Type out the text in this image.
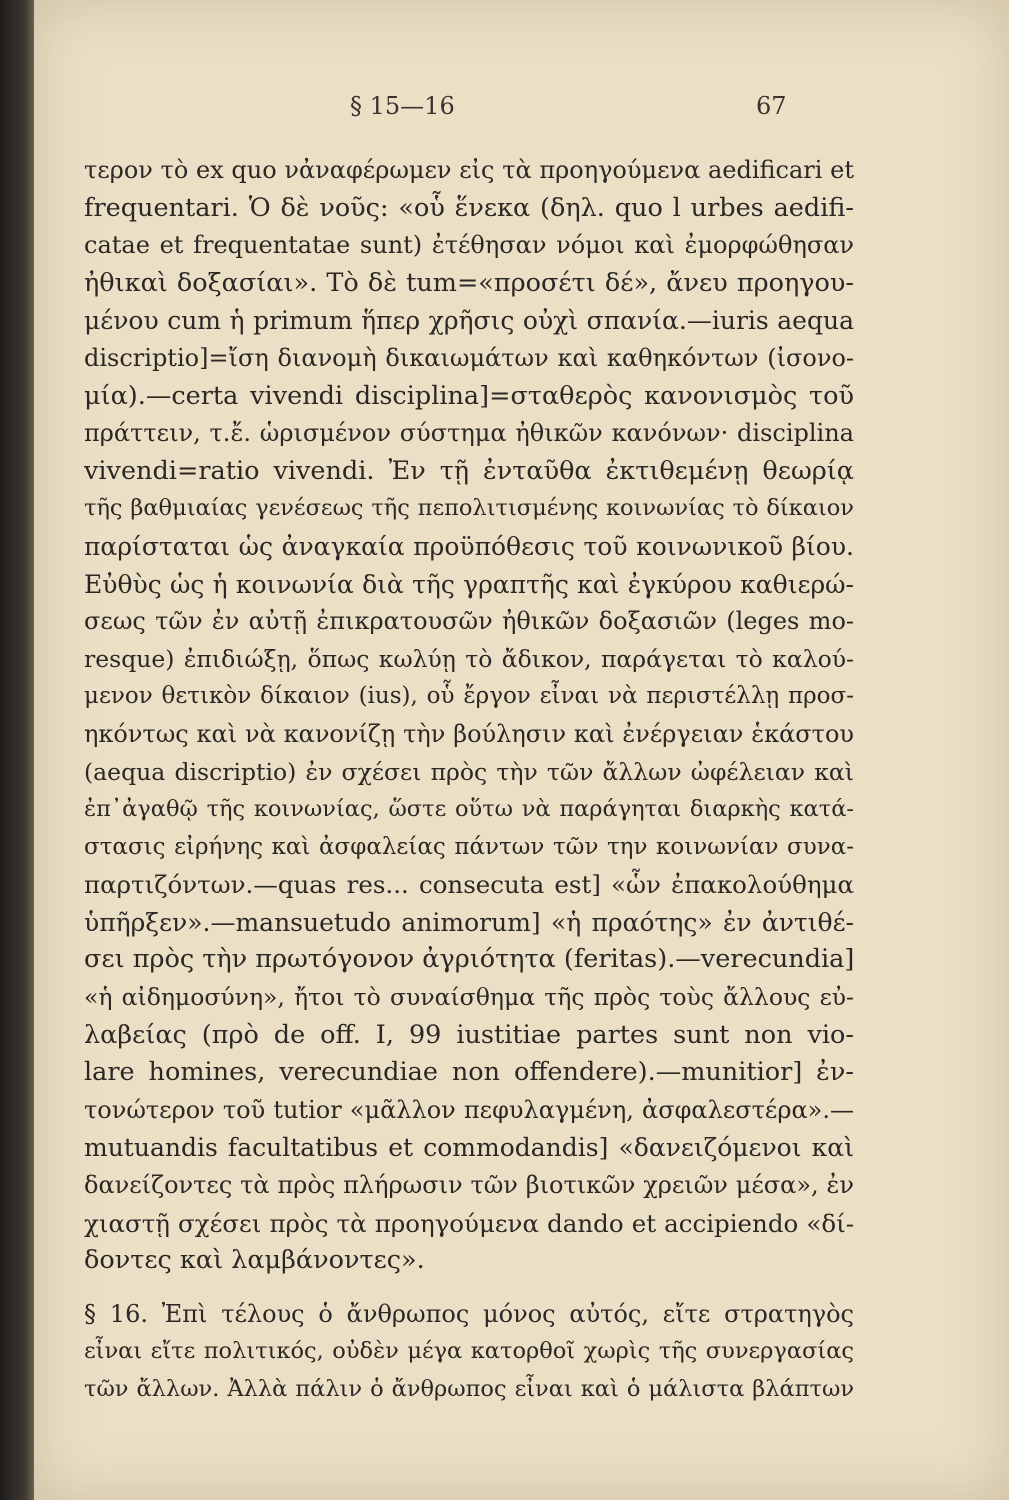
§ 15—16	67
τερον τὸ ex quo νἀναφέρωμεν εἰς τὰ προηγούμενα aedificari et
frequentari. Ὁ δὲ νοῦς: «οὗ ἕνεκα (δηλ. quo l urbes aedifi-
catae et frequentatae sunt) ἐτέθησαν νόμοι καὶ ἐμορφώθησαν
ἠθικαὶ δοξασίαι». Τὸ δὲ tum=«προσέτι δέ», ἄνευ προηγου-
μένου cum ἡ primum ἥπερ χρῆσις οὐχὶ σπανία.—iuris aequa
discriptio]=ἴση διανομὴ δικαιωμάτων καὶ καθηκόντων (ἰσονο-
μία).—certa vivendi disciplina]=σταθερὸς κανονισμὸς τοῦ
πράττειν, τ.ἔ. ὡρισμένον σύστημα ἠθικῶν κανόνων· disciplina
vivendi=ratio vivendi. Ἐν τῇ ἐνταῦθα ἐκτιθεμένῃ θεωρίᾳ
τῆς βαθμιαίας γενέσεως τῆς πεπολιτισμένης κοινωνίας τὸ δίκαιον
παρίσταται ὡς ἀναγκαία προϋπόθεσις τοῦ κοινωνικοῦ βίου.
Εὐθὺς ὡς ἡ κοινωνία διὰ τῆς γραπτῆς καὶ ἐγκύρου καθιερώ-
σεως τῶν ἐν αὐτῇ ἐπικρατουσῶν ἠθικῶν δοξασιῶν (leges mo-
resque) ἐπιδιώξῃ, ὅπως κωλύῃ τὸ ἄδικον, παράγεται τὸ καλού-
μενον θετικὸν δίκαιον (ius), οὗ ἔργον εἶναι νὰ περιστέλλῃ προσ-
ηκόντως καὶ νὰ κανονίζῃ τὴν βούλησιν καὶ ἐνέργειαν ἑκάστου
(aequa discriptio) ἐν σχέσει πρὸς τὴν τῶν ἄλλων ὠφέλειαν καὶ
ἐπ᾽ἀγαθῷ τῆς κοινωνίας, ὥστε οὕτω νὰ παράγηται διαρκὴς κατά-
στασις εἰρήνης καὶ ἀσφαλείας πάντων τῶν την κοινωνίαν συνα-
παρτιζόντων.—quas res... consecuta est] «ὧν ἐπακολούθημα
ὑπῆρξεν».—mansuetudo animorum] «ἡ πραότης» ἐν ἀντιθέ-
σει πρὸς τὴν πρωτόγονον ἀγριότητα (feritas).—verecundia]
«ἡ αἰδημοσύνη», ἤτοι τὸ συναίσθημα τῆς πρὸς τοὺς ἄλλους εὐ-
λαβείας (πρὸ de off. I, 99 iustitiae partes sunt non vio-
lare homines, verecundiae non offendere).—munitior] ἐν-
τονώτερον τοῦ tutior «μᾶλλον πεφυλαγμένη, ἀσφαλεστέρα».—
mutuandis facultatibus et commodandis] «δανειζόμενοι καὶ
δανείζοντες τὰ πρὸς πλήρωσιν τῶν βιοτικῶν χρειῶν μέσα», ἐν
χιαστῇ σχέσει πρὸς τὰ προηγούμενα dando et accipiendo «δί-
δοντες καὶ λαμβάνοντες».
§ 16. Ἐπὶ τέλους ὁ ἄνθρωπος μόνος αὐτός, εἴτε στρατηγὸς
εἶναι εἴτε πολιτικός, οὐδὲν μέγα κατορθοῖ χωρὶς τῆς συνεργασίας
τῶν ἄλλων. Ἀλλὰ πάλιν ὁ ἄνθρωπος εἶναι καὶ ὁ μάλιστα βλάπτων
